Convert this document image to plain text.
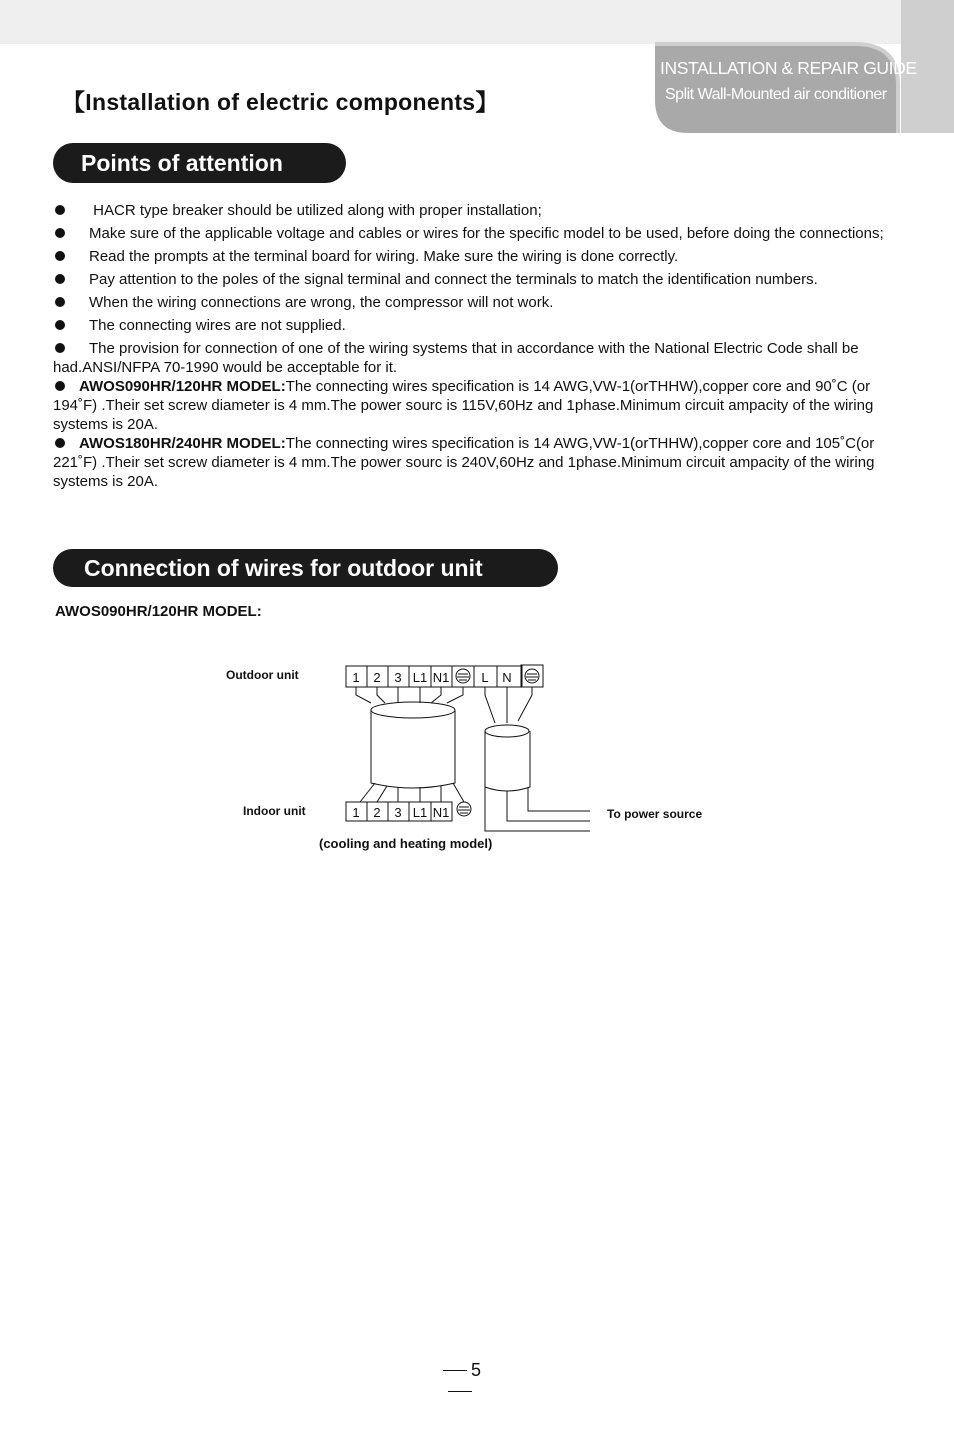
INSTALLATION & REPAIR GUIDE
Split Wall-Mounted air conditioner
【Installation of electric components】
Points of attention

HACR type breaker should be utilized along with proper installation;

Make sure of the applicable voltage and cables or wires for the specific model to be used, before doing the connections;

Read the prompts at the terminal board for wiring. Make sure the wiring is done correctly.

Pay attention to the poles of the signal terminal and connect the terminals to match the identification numbers.

When the wiring connections are wrong, the compressor will not work.

The connecting wires are not supplied.

The provision for connection of one of the wiring systems that in accordance with the National Electric Code shall be had.ANSI/NFPA 70-1990 would be acceptable for it.

AWOS090HR/120HR MODEL:The connecting wires specification is 14 AWG,VW-1(orTHHW),copper core and 90˚C (or 194˚F) .Their set screw diameter is 4 mm.The power sourc is 115V,60Hz and 1phase.Minimum circuit ampacity of the wiring systems is 20A.

AWOS180HR/240HR MODEL:The connecting wires specification is 14 AWG,VW-1(orTHHW),copper core and 105˚C(or 221˚F) .Their set screw diameter is 4 mm.The power sourc is 240V,60Hz and 1phase.Minimum circuit ampacity of the wiring systems is 20A.

Connection of wires for outdoor unit
AWOS090HR/120HR MODEL:
Outdoor unit
Indoor unit	To power source
(cooling and heating model)
1 2 3 L1 N1 L N
1 2 3 L1 N1
5
